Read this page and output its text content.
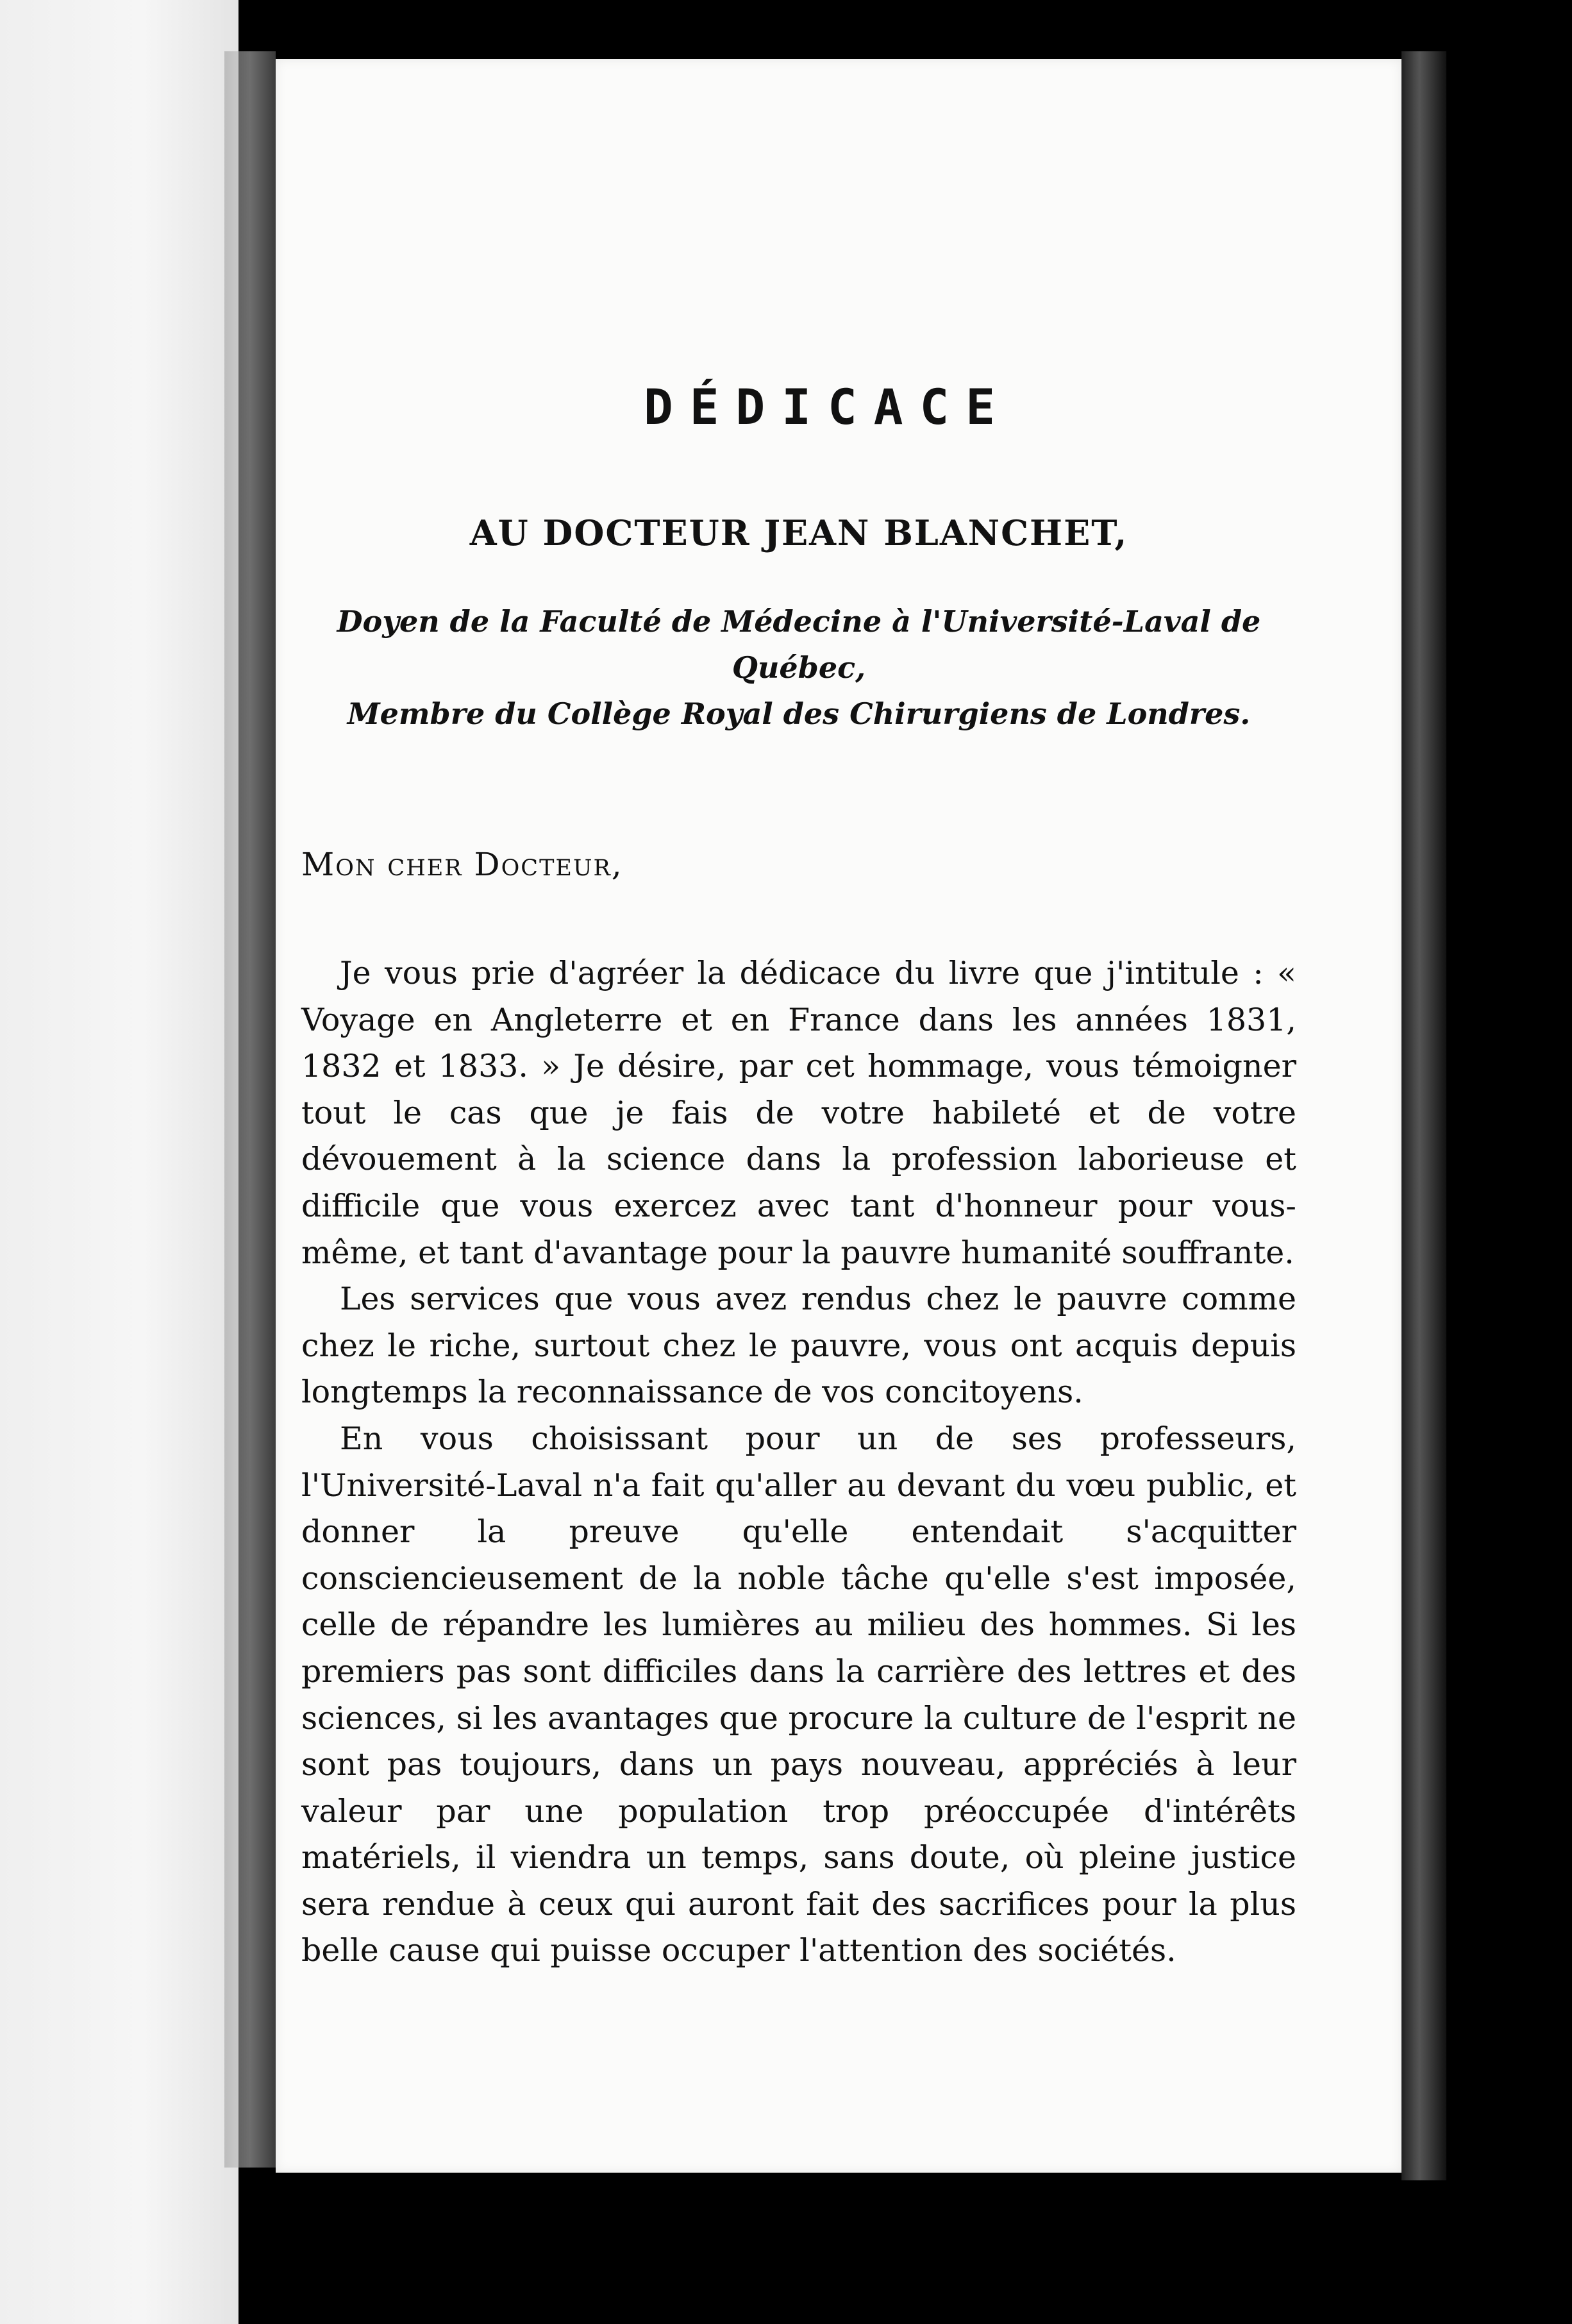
DÉDICACE
AU DOCTEUR JEAN BLANCHET,
Doyen de la Faculté de Médecine à l'Université-Laval de Québec,
Membre du Collège Royal des Chirurgiens de Londres.
Mon cher Docteur,

Je vous prie d'agréer la dédicace du livre que j'intitule : « Voyage en Angleterre et en France dans les années 1831, 1832 et 1833. » Je désire, par cet hommage, vous témoigner tout le cas que je fais de votre habileté et de votre dévouement à la science dans la profession laborieuse et difficile que vous exercez avec tant d'honneur pour vous-même, et tant d'avantage pour la pauvre humanité souffrante.

Les services que vous avez rendus chez le pauvre comme chez le riche, surtout chez le pauvre, vous ont acquis depuis longtemps la reconnaissance de vos concitoyens.

En vous choisissant pour un de ses professeurs, l'Université-Laval n'a fait qu'aller au devant du vœu public, et donner la preuve qu'elle entendait s'acquitter consciencieusement de la noble tâche qu'elle s'est imposée, celle de répandre les lumières au milieu des hommes. Si les premiers pas sont difficiles dans la carrière des lettres et des sciences, si les avantages que procure la culture de l'esprit ne sont pas toujours, dans un pays nouveau, appréciés à leur valeur par une population trop préoccupée d'intérêts matériels, il viendra un temps, sans doute, où pleine justice sera rendue à ceux qui auront fait des sacrifices pour la plus belle cause qui puisse occuper l'attention des sociétés.
